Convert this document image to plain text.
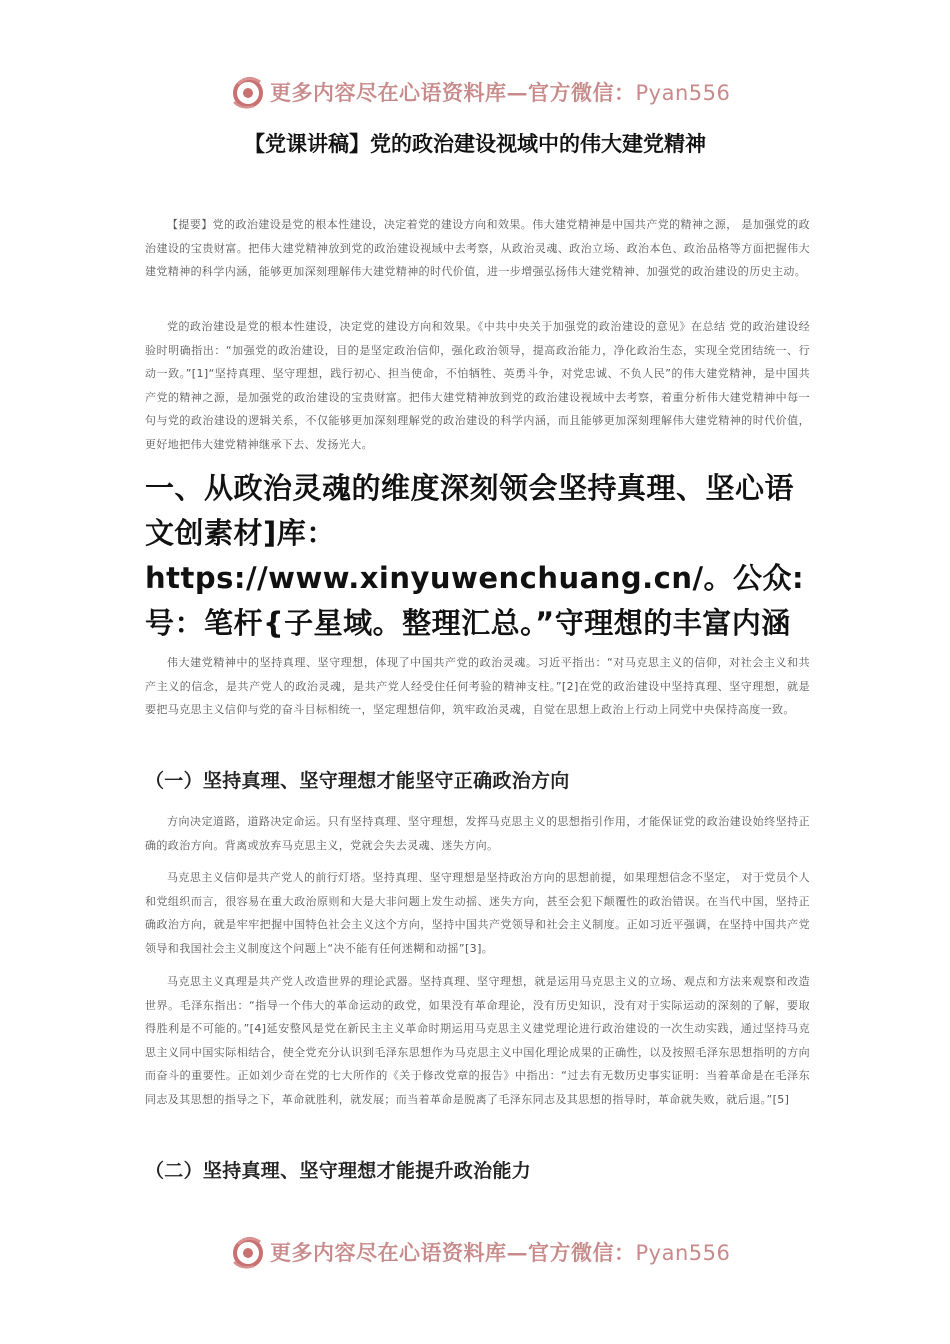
更多内容尽在心语资料库—官方微信：Pyan556
【党课讲稿】党的政治建设视域中的伟大建党精神

【提要】党的政治建设是党的根本性建设，决定着党的建设方向和效果。伟大建党精神是中国共产党的精神之源， 是加强党的政治建设的宝贵财富。把伟大建党精神放到党的政治建设视域中去考察，从政治灵魂、政治立场、政治本色、政治品格等方面把握伟大建党精神的科学内涵，能够更加深刻理解伟大建党精神的时代价值，进一步增强弘扬伟大建党精神、加强党的政治建设的历史主动。

党的政治建设是党的根本性建设，决定党的建设方向和效果。《中共中央关于加强党的政治建设的意见》在总结 党的政治建设经验时明确指出：“加强党的政治建设，目的是坚定政治信仰，强化政治领导，提高政治能力，净化政治生态，实现全党团结统一、行动一致。”[1]“坚持真理、坚守理想，践行初心、担当使命，不怕牺牲、英勇斗争，对党忠诚、不负人民”的伟大建党精神，是中国共产党的精神之源，是加强党的政治建设的宝贵财富。把伟大建党精神放到党的政治建设视域中去考察，着重分析伟大建党精神中每一句与党的政治建设的逻辑关系，不仅能够更加深刻理解党的政治建设的科学内涵，而且能够更加深刻理解伟大建党精神的时代价值，更好地把伟大建党精神继承下去、发扬光大。

一、从政治灵魂的维度深刻领会坚持真理、坚心语文创素材]库：https://www.xinyuwenchuang.cn/。公众:号：笔杆{子星域。整理汇总。”守理想的丰富内涵

伟大建党精神中的坚持真理、坚守理想，体现了中国共产党的政治灵魂。习近平指出：“对马克思主义的信仰，对社会主义和共产主义的信念，是共产党人的政治灵魂，是共产党人经受住任何考验的精神支柱。”[2]在党的政治建设中坚持真理、坚守理想，就是要把马克思主义信仰与党的奋斗目标相统一，坚定理想信仰，筑牢政治灵魂，自觉在思想上政治上行动上同党中央保持高度一致。

（一）坚持真理、坚守理想才能坚守正确政治方向

方向决定道路，道路决定命运。只有坚持真理、坚守理想，发挥马克思主义的思想指引作用，才能保证党的政治建设始终坚持正确的政治方向。背离或放弃马克思主义，党就会失去灵魂、迷失方向。

马克思主义信仰是共产党人的前行灯塔。坚持真理、坚守理想是坚持政治方向的思想前提，如果理想信念不坚定， 对于党员个人和党组织而言，很容易在重大政治原则和大是大非问题上发生动摇、迷失方向，甚至会犯下颠覆性的政治错误。在当代中国，坚持正确政治方向，就是牢牢把握中国特色社会主义这个方向，坚持中国共产党领导和社会主义制度。正如习近平强调，在坚持中国共产党领导和我国社会主义制度这个问题上“决不能有任何迷糊和动摇”[3]。

马克思主义真理是共产党人改造世界的理论武器。坚持真理、坚守理想，就是运用马克思主义的立场、观点和方法来观察和改造世界。毛泽东指出：“指导一个伟大的革命运动的政党，如果没有革命理论，没有历史知识，没有对于实际运动的深刻的了解，要取得胜利是不可能的。”[4]延安整风是党在新民主主义革命时期运用马克思主义建党理论进行政治建设的一次生动实践，通过坚持马克思主义同中国实际相结合，使全党充分认识到毛泽东思想作为马克思主义中国化理论成果的正确性，以及按照毛泽东思想指明的方向而奋斗的重要性。正如刘少奇在党的七大所作的《关于修改党章的报告》中指出：“过去有无数历史事实证明：当着革命是在毛泽东同志及其思想的指导之下，革命就胜利，就发展；而当着革命是脱离了毛泽东同志及其思想的指导时，革命就失败，就后退。”[5]

（二）坚持真理、坚守理想才能提升政治能力
更多内容尽在心语资料库—官方微信：Pyan556
